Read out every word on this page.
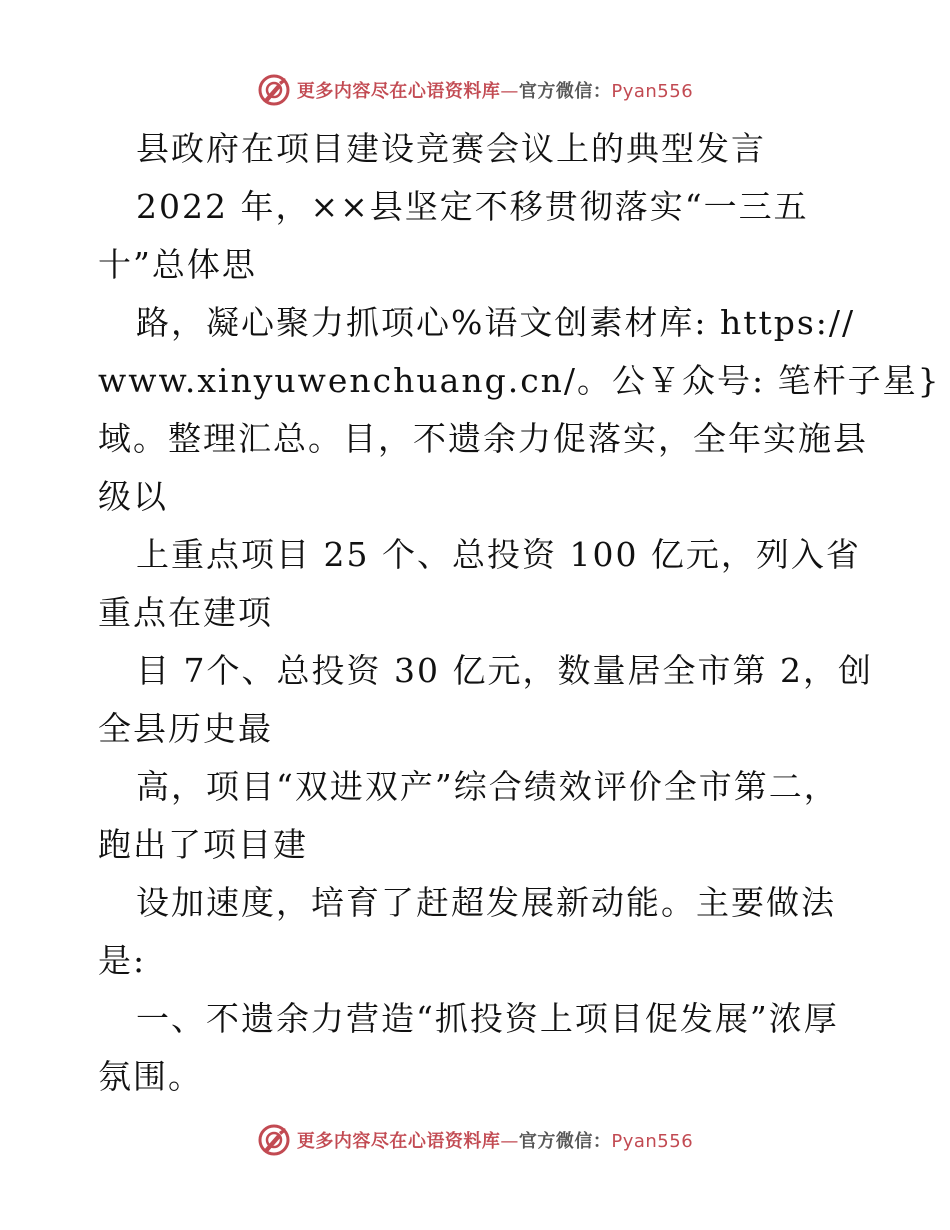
更多内容尽在心语资料库—官方微信：Pyan556
县政府在项目建设竞赛会议上的典型发言
2022 年，××县坚定不移贯彻落实“一三五
十”总体思
路，凝心聚力抓项心%语文创素材库: https://
www.xinyuwenchuang.cn/。公￥众号: 笔杆子星}
域。整理汇总。目，不遗余力促落实，全年实施县
级以
上重点项目 25 个、总投资 100 亿元，列入省
重点在建项
目 7个、总投资 30 亿元，数量居全市第 2，创
全县历史最
高，项目“双进双产”综合绩效评价全市第二，
跑出了项目建
设加速度，培育了赶超发展新动能。主要做法
是:
一、不遗余力营造“抓投资上项目促发展”浓厚
氛围。
更多内容尽在心语资料库—官方微信：Pyan556
